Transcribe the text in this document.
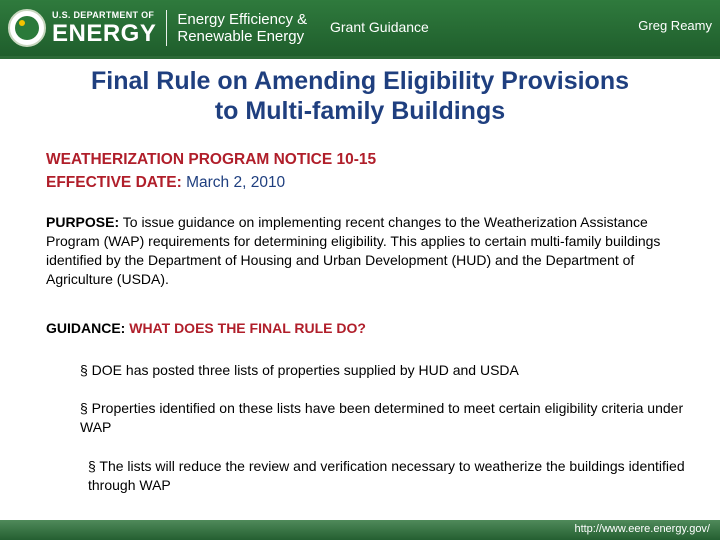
U.S. DEPARTMENT OF
ENERGY
Energy Efficiency &
Renewable Energy
Grant Guidance	Greg Reamy
Final Rule on Amending Eligibility Provisions
to Multi-family Buildings
WEATHERIZATION PROGRAM NOTICE 10-15
EFFECTIVE DATE: March 2, 2010
PURPOSE: To issue guidance on implementing recent changes to the Weatherization Assistance Program (WAP) requirements for determining eligibility. This applies to certain multi-family buildings identified by the Department of Housing and Urban Development (HUD) and the Department of Agriculture (USDA).
GUIDANCE: WHAT DOES THE FINAL RULE DO?
§ DOE has posted three lists of properties supplied by HUD and USDA
§ Properties identified on these lists have been determined to meet certain eligibility criteria under WAP
§ The lists will reduce the review and verification necessary to weatherize the buildings identified through WAP
http://www.eere.energy.gov/
